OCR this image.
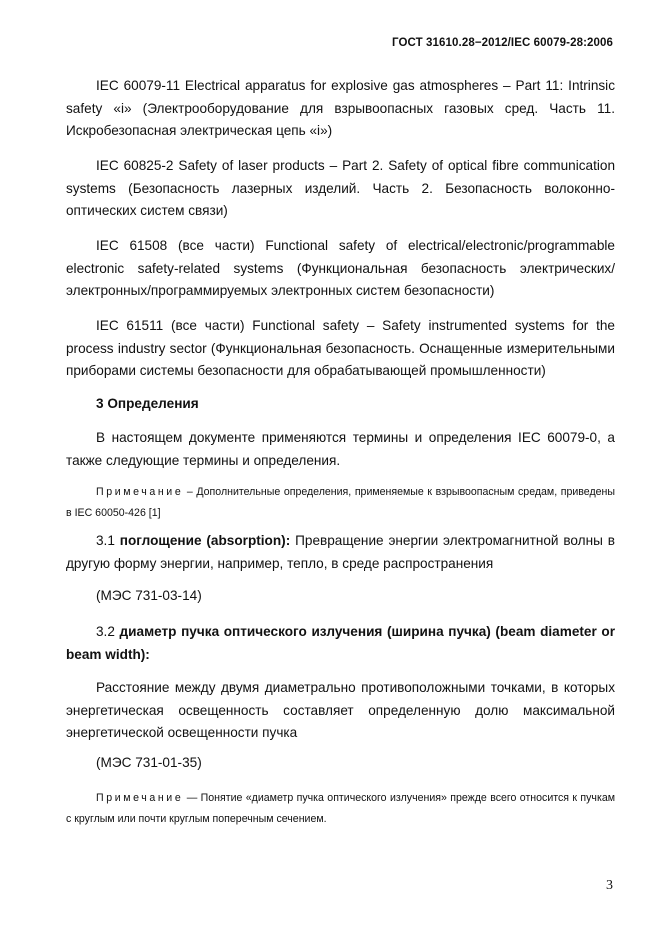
ГОСТ 31610.28−2012/IEC 60079-28:2006

IEC 60079-11 Electrical apparatus for explosive gas atmospheres – Part 11: Intrinsic safety «i» (Электрооборудование для взрывоопасных газовых сред. Часть 11. Искробезопасная электрическая цепь «i»)

IEC 60825-2 Safety of laser products – Part 2. Safety of optical fibre communication systems (Безопасность лазерных изделий. Часть 2. Безопасность волоконно-оптических систем связи)

IEC 61508 (все части) Functional safety of electrical/electronic/programmable electronic safety-related systems (Функциональная безопасность электрических/электронных/программируемых электронных систем безопасности)

IEC 61511 (все части) Functional safety – Safety instrumented systems for the process industry sector (Функциональная безопасность. Оснащенные измерительными приборами системы безопасности для обрабатывающей промышленности)

3 Определения

В настоящем документе применяются термины и определения IEC 60079-0, а также следующие термины и определения.

Примечание – Дополнительные определения, применяемые к взрывоопасным средам, приведены в IEC 60050-426 [1]

3.1 поглощение (absorption): Превращение энергии электромагнитной волны в другую форму энергии, например, тепло, в среде распространения

(МЭС 731-03-14)

3.2 диаметр пучка оптического излучения (ширина пучка) (beam diameter or beam width):

Расстояние между двумя диаметрально противоположными точками, в которых энергетическая освещенность составляет определенную долю максимальной энергетической освещенности пучка

(МЭС 731-01-35)

Примечание — Понятие «диаметр пучка оптического излучения» прежде всего относится к пучкам с круглым или почти круглым поперечным сечением.

3
